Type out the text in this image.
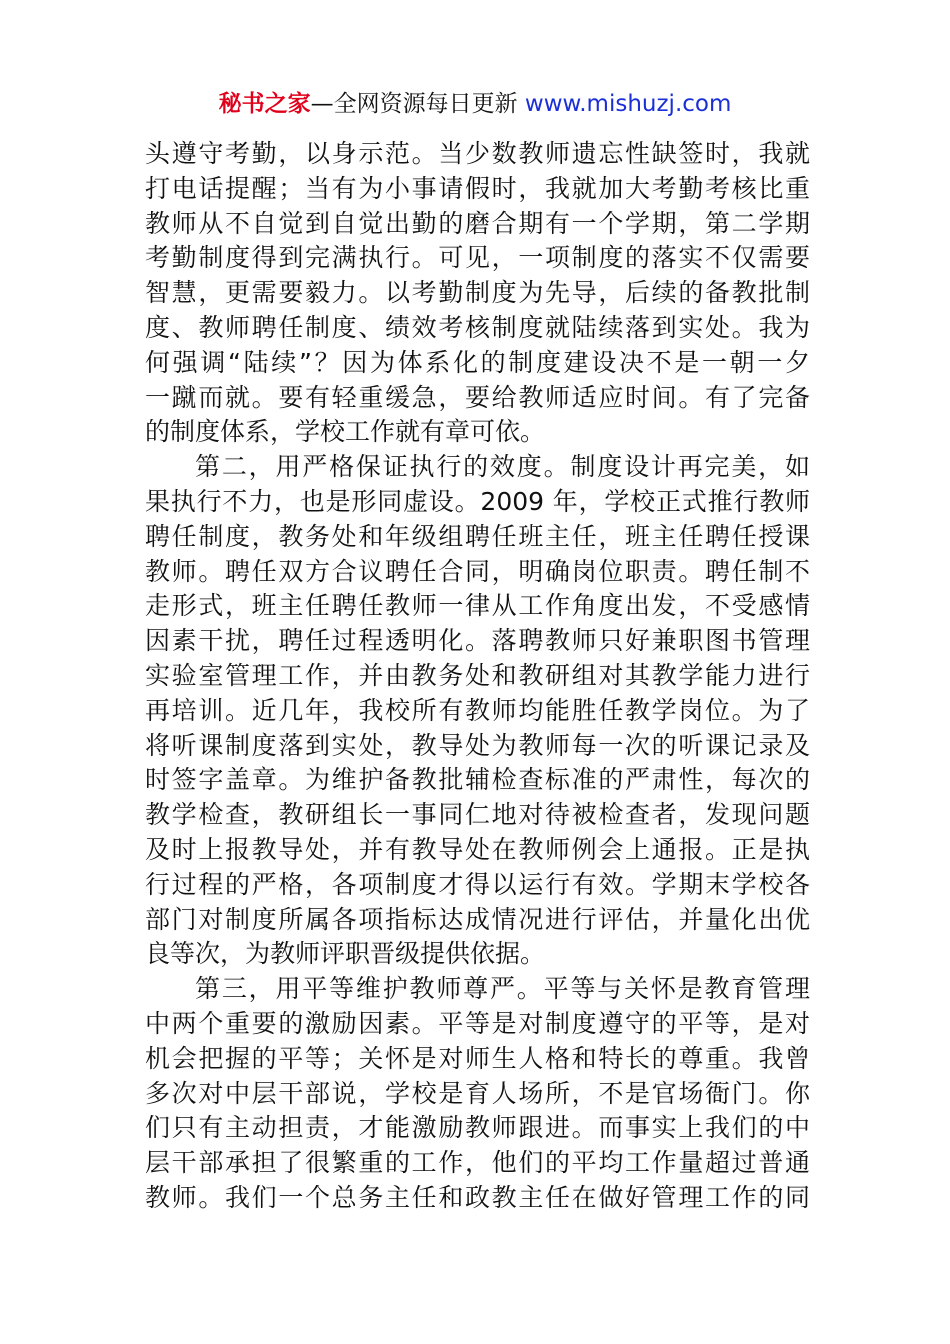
秘书之家—全网资源每日更新 www.mishuzj.com
头遵守考勤，以身示范。当少数教师遗忘性缺签时，我就
打电话提醒；当有为小事请假时，我就加大考勤考核比重
教师从不自觉到自觉出勤的磨合期有一个学期，第二学期
考勤制度得到完满执行。可见，一项制度的落实不仅需要
智慧，更需要毅力。以考勤制度为先导，后续的备教批制
度、教师聘任制度、绩效考核制度就陆续落到实处。我为
何强调“陆续”？因为体系化的制度建设决不是一朝一夕
一蹴而就。要有轻重缓急，要给教师适应时间。有了完备
的制度体系，学校工作就有章可依。
第二，用严格保证执行的效度。制度设计再完美，如
果执行不力，也是形同虚设。2009 年，学校正式推行教师
聘任制度，教务处和年级组聘任班主任，班主任聘任授课
教师。聘任双方合议聘任合同，明确岗位职责。聘任制不
走形式，班主任聘任教师一律从工作角度出发，不受感情
因素干扰，聘任过程透明化。落聘教师只好兼职图书管理
实验室管理工作，并由教务处和教研组对其教学能力进行
再培训。近几年，我校所有教师均能胜任教学岗位。为了
将听课制度落到实处，教导处为教师每一次的听课记录及
时签字盖章。为维护备教批辅检查标准的严肃性，每次的
教学检查，教研组长一事同仁地对待被检查者，发现问题
及时上报教导处，并有教导处在教师例会上通报。正是执
行过程的严格，各项制度才得以运行有效。学期末学校各
部门对制度所属各项指标达成情况进行评估，并量化出优
良等次，为教师评职晋级提供依据。
第三，用平等维护教师尊严。平等与关怀是教育管理
中两个重要的激励因素。平等是对制度遵守的平等，是对
机会把握的平等；关怀是对师生人格和特长的尊重。我曾
多次对中层干部说，学校是育人场所，不是官场衙门。你
们只有主动担责，才能激励教师跟进。而事实上我们的中
层干部承担了很繁重的工作，他们的平均工作量超过普通
教师。我们一个总务主任和政教主任在做好管理工作的同
